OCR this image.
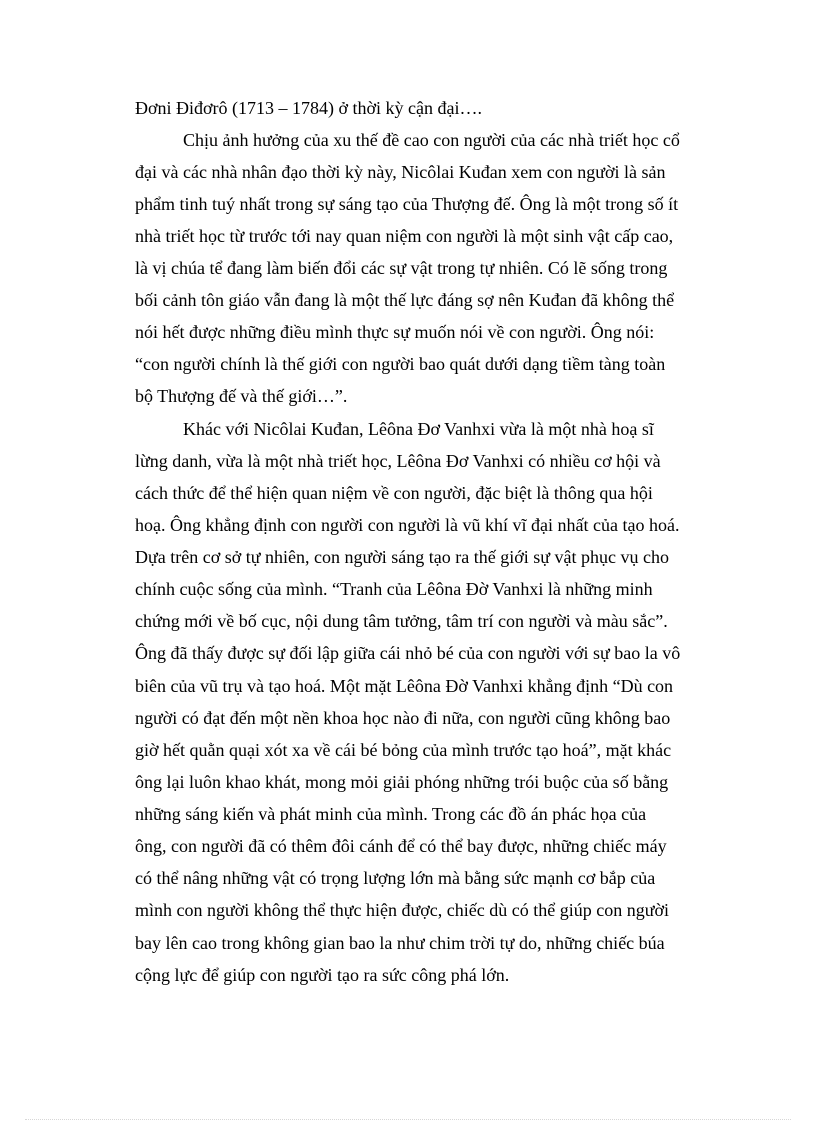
Đơni Điđơrô (1713 – 1784) ở thời kỳ cận đại….
Chịu ảnh hưởng của xu thế đề cao con người của các nhà triết học cổ
đại và các nhà nhân đạo thời kỳ này, Nicôlai Kuđan xem con người là sản
phẩm tinh tuý nhất trong sự sáng tạo của Thượng đế. Ông là một trong số ít
nhà triết học từ trước tới nay quan niệm con người là một sinh vật cấp cao,
là vị chúa tể đang làm biến đổi các sự vật trong tự nhiên. Có lẽ sống trong
bối cảnh tôn giáo vẫn đang là một thế lực đáng sợ nên Kuđan đã không thể
nói hết được những điều mình thực sự muốn nói về con người. Ông nói:
“con người chính là thế giới con người bao quát dưới dạng tiềm tàng toàn
bộ Thượng đế và thế giới…”.
Khác với Nicôlai Kuđan, Lêôna Đơ Vanhxi vừa là một nhà hoạ sĩ
lừng danh, vừa là một nhà triết học, Lêôna Đơ Vanhxi có nhiều cơ hội và
cách thức để thể hiện quan niệm về con người, đặc biệt là thông qua hội
hoạ. Ông khẳng định con người con người là vũ khí vĩ đại nhất của tạo hoá.
Dựa trên cơ sở tự nhiên, con người sáng tạo ra thế giới sự vật phục vụ cho
chính cuộc sống của mình. “Tranh của Lêôna Đờ Vanhxi là những minh
chứng mới về bố cục, nội dung tâm tưởng, tâm trí con người và màu sắc”.
Ông đã thấy được sự đối lập giữa cái nhỏ bé của con người với sự bao la vô
biên của vũ trụ và tạo hoá. Một mặt Lêôna Đờ Vanhxi khẳng định “Dù con
người có đạt đến một nền khoa học nào đi nữa, con người cũng không bao
giờ hết quằn quại xót xa về cái bé bỏng của mình trước tạo hoá”, mặt khác
ông lại luôn khao khát, mong mỏi giải phóng những trói buộc của số bằng
những sáng kiến và phát minh của mình. Trong các đồ án phác họa của
ông, con người đã có thêm đôi cánh để có thể bay được, những chiếc máy
có thể nâng những vật có trọng lượng lớn mà bằng sức mạnh cơ bắp của
mình con người không thể thực hiện được, chiếc dù có thể giúp con người
bay lên cao trong không gian bao la như chim trời tự do, những chiếc búa
cộng lực để giúp con người tạo ra sức công phá lớn.
